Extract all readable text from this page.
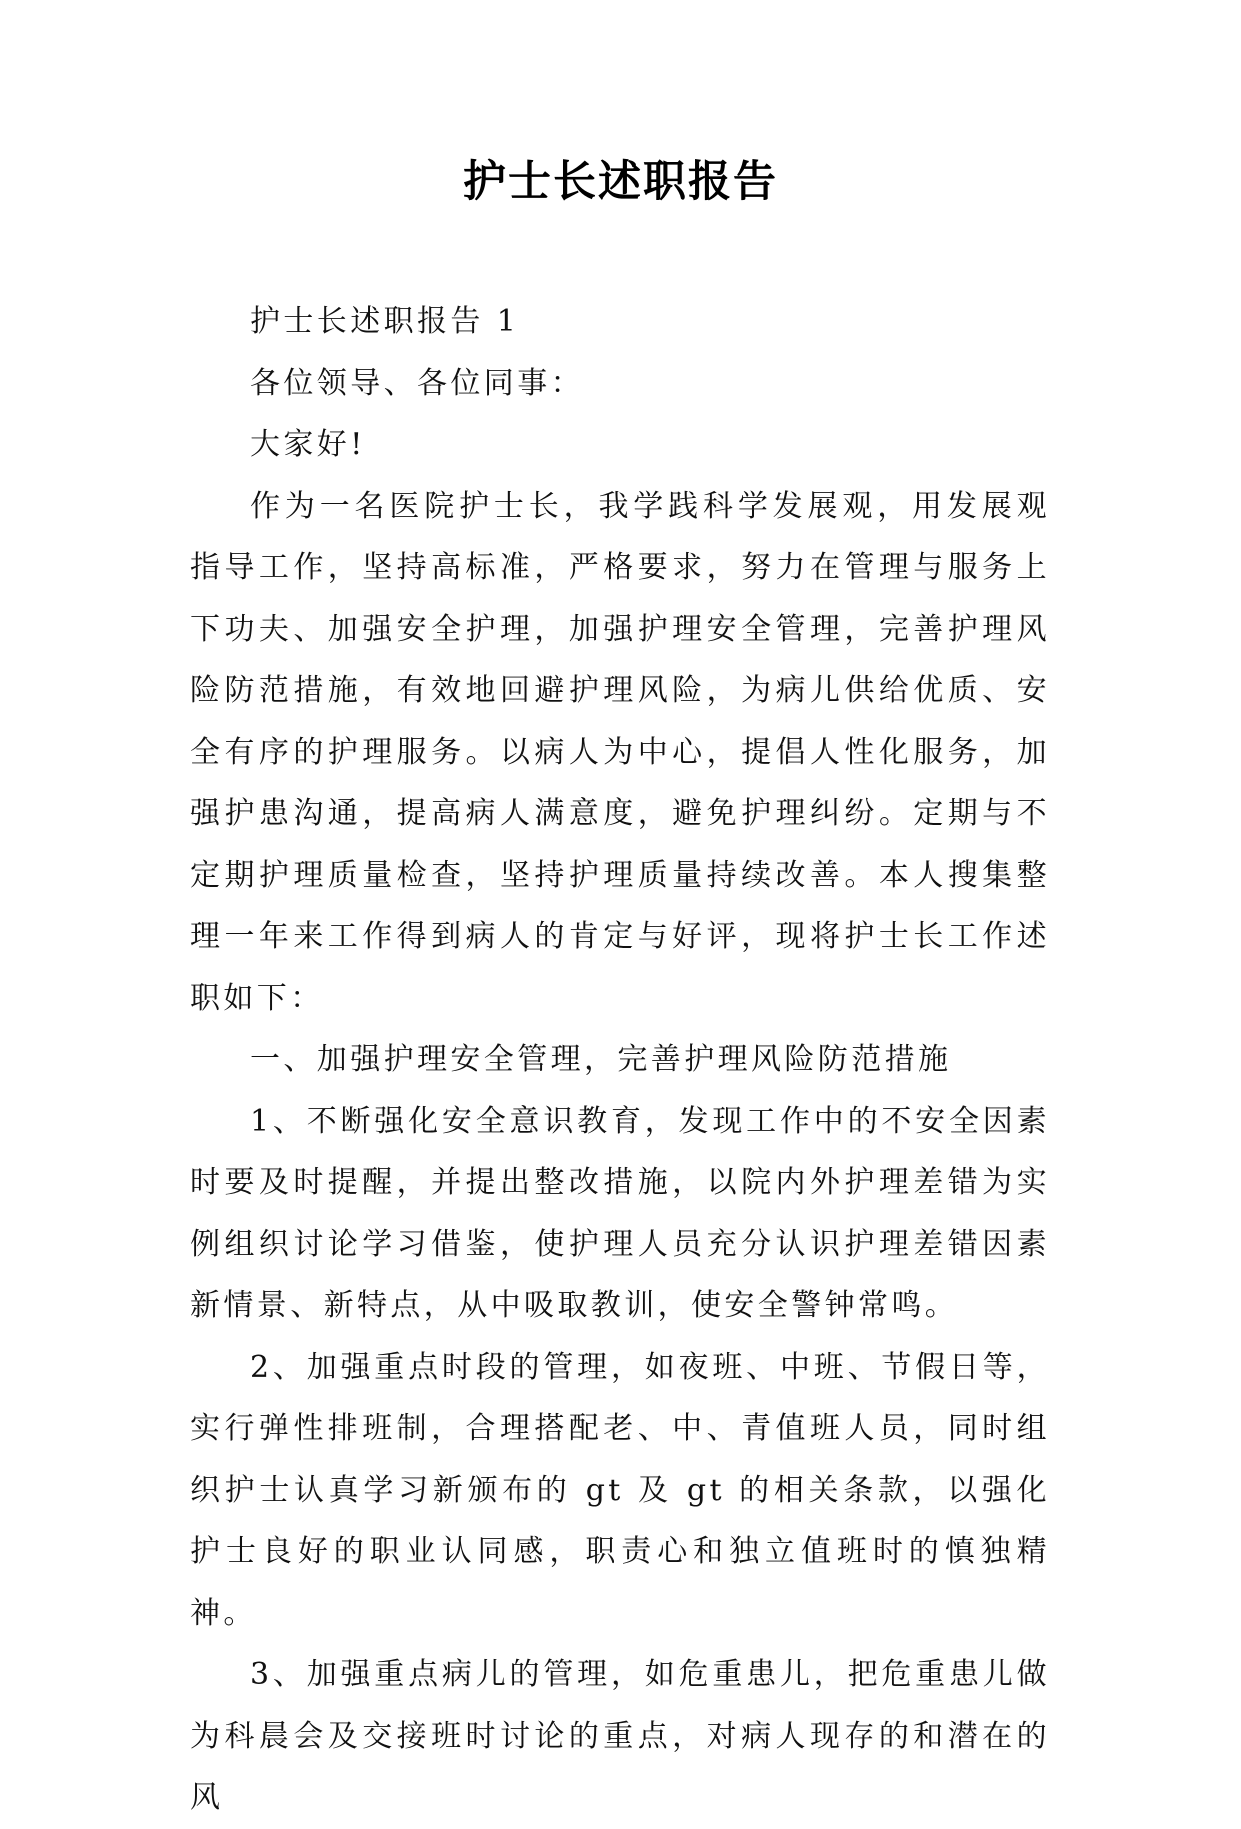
护士长述职报告

护士长述职报告 1

各位领导、各位同事：

大家好!

作为一名医院护士长，我学践科学发展观，用发展观指导工作，坚持高标准，严格要求，努力在管理与服务上下功夫、加强安全护理，加强护理安全管理，完善护理风险防范措施，有效地回避护理风险，为病儿供给优质、安全有序的护理服务。以病人为中心，提倡人性化服务，加强护患沟通，提高病人满意度，避免护理纠纷。定期与不定期护理质量检查，坚持护理质量持续改善。本人搜集整理一年来工作得到病人的肯定与好评，现将护士长工作述职如下：

一、加强护理安全管理，完善护理风险防范措施

1、不断强化安全意识教育，发现工作中的不安全因素时要及时提醒，并提出整改措施，以院内外护理差错为实例组织讨论学习借鉴，使护理人员充分认识护理差错因素新情景、新特点，从中吸取教训，使安全警钟常鸣。

2、加强重点时段的管理，如夜班、中班、节假日等，实行弹性排班制，合理搭配老、中、青值班人员，同时组织护士认真学习新颁布的 gt 及 gt 的相关条款，以强化护士良好的职业认同感，职责心和独立值班时的慎独精神。

3、加强重点病儿的管理，如危重患儿，把危重患儿做为科晨会及交接班时讨论的重点，对病人现存的和潜在的风
